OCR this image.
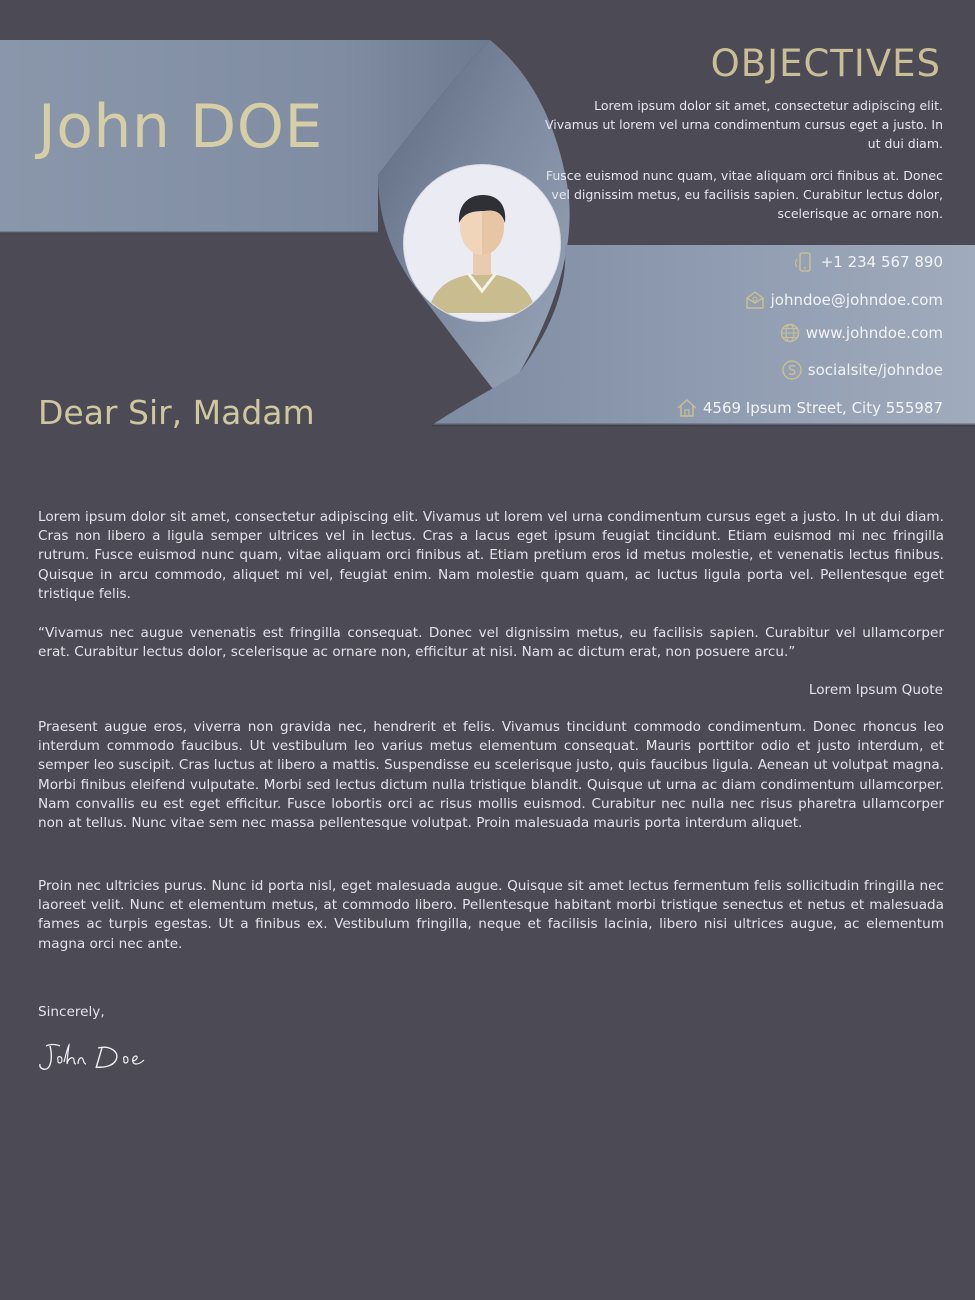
John DOE
OBJECTIVES

Lorem ipsum dolor sit amet, consectetur adipiscing elit. Vivamus ut lorem vel urna condimentum cursus eget a justo. In ut dui diam.

Fusce euismod nunc quam, vitae aliquam orci finibus at. Donec vel dignissim metus, eu facilisis sapien. Curabitur lectus dolor, scelerisque ac ornare non.

+1 234 567 890
johndoe@johndoe.com
www.johndoe.com
socialsite/johndoe
4569 Ipsum Street, City 555987
Dear Sir, Madam

Lorem ipsum dolor sit amet, consectetur adipiscing elit. Vivamus ut lorem vel urna condimentum cursus eget a justo. In ut dui diam. Cras non libero a ligula semper ultrices vel in lectus. Cras a lacus eget ipsum feugiat tincidunt. Etiam euismod mi nec fringilla rutrum. Fusce euismod nunc quam, vitae aliquam orci finibus at. Etiam pretium eros id metus molestie, et venenatis lectus finibus. Quisque in arcu commodo, aliquet mi vel, feugiat enim. Nam molestie quam quam, ac luctus ligula porta vel. Pellentesque eget tristique felis.

“Vivamus nec augue venenatis est fringilla consequat. Donec vel dignissim metus, eu facilisis sapien. Curabitur vel ullamcorper erat. Curabitur lectus dolor, scelerisque ac ornare non, efficitur at nisi. Nam ac dictum erat, non posuere arcu.”

Lorem Ipsum Quote

Praesent augue eros, viverra non gravida nec, hendrerit et felis. Vivamus tincidunt commodo condimentum. Donec rhoncus leo interdum commodo faucibus. Ut vestibulum leo varius metus elementum consequat. Mauris porttitor odio et justo interdum, et semper leo suscipit. Cras luctus at libero a mattis. Suspendisse eu scelerisque justo, quis faucibus ligula. Aenean ut volutpat magna. Morbi finibus eleifend vulputate. Morbi sed lectus dictum nulla tristique blandit. Quisque ut urna ac diam condimentum ullamcorper. Nam convallis eu est eget efficitur. Fusce lobortis orci ac risus mollis euismod. Curabitur nec nulla nec risus pharetra ullamcorper non at tellus. Nunc vitae sem nec massa pellentesque volutpat. Proin malesuada mauris porta interdum aliquet.

Proin nec ultricies purus. Nunc id porta nisl, eget malesuada augue. Quisque sit amet lectus fermentum felis sollicitudin fringilla nec laoreet velit. Nunc et elementum metus, at commodo libero. Pellentesque habitant morbi tristique senectus et netus et malesuada fames ac turpis egestas. Ut a finibus ex. Vestibulum fringilla, neque et facilisis lacinia, libero nisi ultrices augue, ac elementum magna orci nec ante.

Sincerely,
